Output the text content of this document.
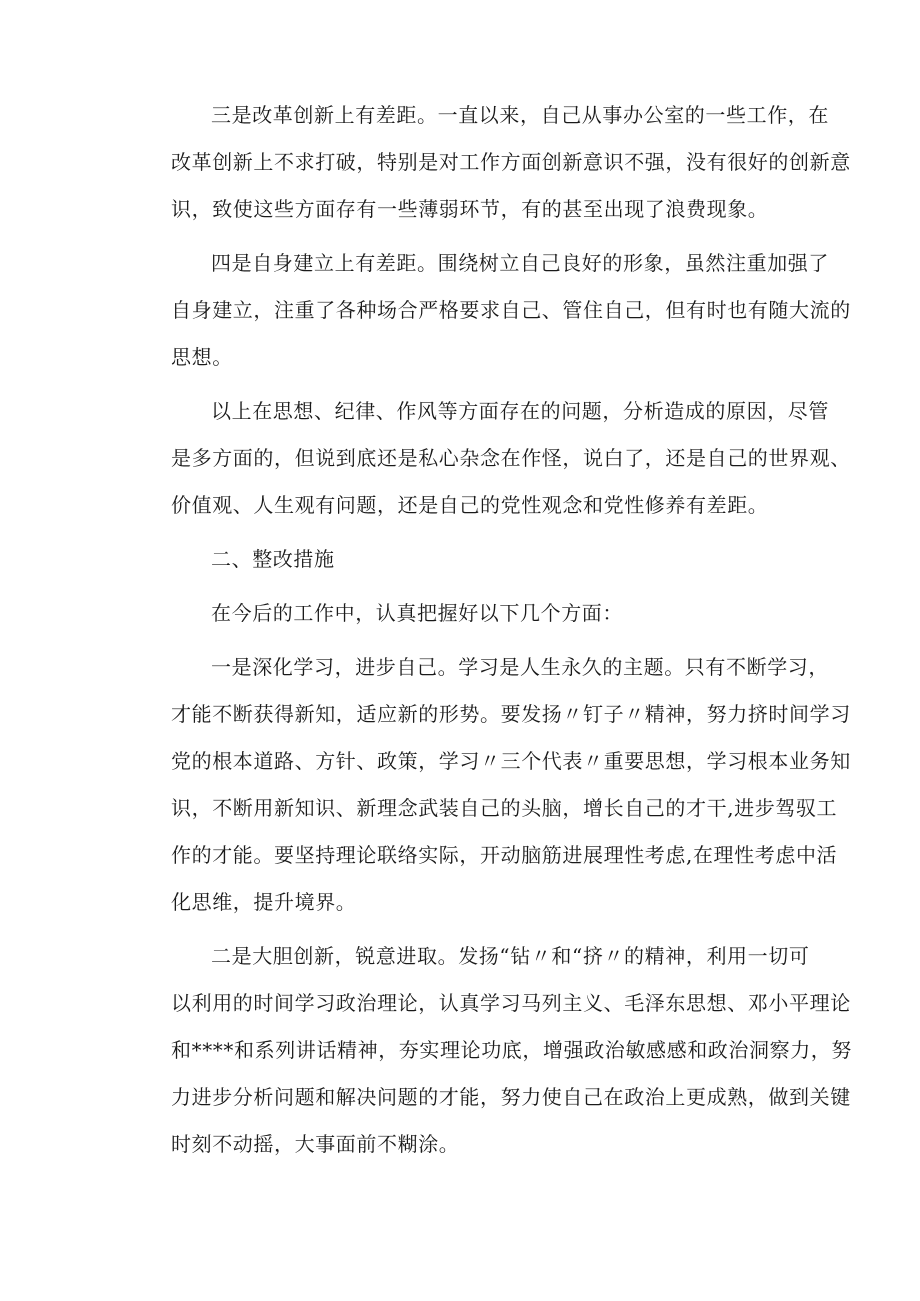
三是改革创新上有差距。一直以来，自己从事办公室的一些工作，在
改革创新上不求打破，特别是对工作方面创新意识不强，没有很好的创新意
识，致使这些方面存有一些薄弱环节，有的甚至出现了浪费现象。
四是自身建立上有差距。围绕树立自己良好的形象，虽然注重加强了
自身建立，注重了各种场合严格要求自己、管住自己，但有时也有随大流的
思想。
以上在思想、纪律、作风等方面存在的问题，分析造成的原因，尽管
是多方面的，但说到底还是私心杂念在作怪，说白了，还是自己的世界观、
价值观、人生观有问题，还是自己的党性观念和党性修养有差距。
二、整改措施
在今后的工作中，认真把握好以下几个方面：
一是深化学习，进步自己。学习是人生永久的主题。只有不断学习，
才能不断获得新知，适应新的形势。要发扬〃钉子〃精神，努力挤时间学习
党的根本道路、方针、政策，学习〃三个代表〃重要思想，学习根本业务知
识，不断用新知识、新理念武装自己的头脑，增长自己的才干,进步驾驭工
作的才能。要坚持理论联络实际，开动脑筋进展理性考虑,在理性考虑中活
化思维，提升境界。
二是大胆创新，锐意进取。发扬“钻〃和“挤〃的精神，利用一切可
以利用的时间学习政治理论，认真学习马列主义、毛泽东思想、邓小平理论
和****和系列讲话精神，夯实理论功底，增强政治敏感感和政治洞察力，努
力进步分析问题和解决问题的才能，努力使自己在政治上更成熟，做到关键
时刻不动摇，大事面前不糊涂。
